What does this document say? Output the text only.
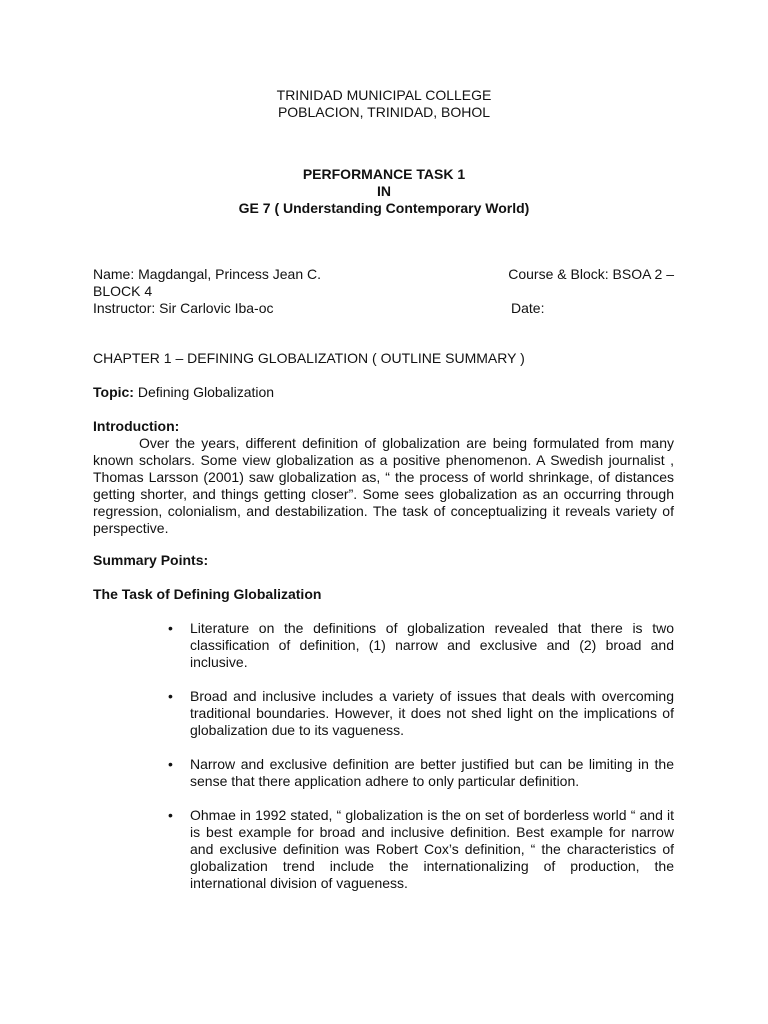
TRINIDAD MUNICIPAL COLLEGE
POBLACION, TRINIDAD, BOHOL
PERFORMANCE TASK 1
IN
GE 7 ( Understanding Contemporary World)
Name: Magdangal, Princess Jean C.	Course & Block: BSOA 2 –
BLOCK 4
Instructor: Sir Carlovic Iba-oc	Date:
CHAPTER 1 – DEFINING GLOBALIZATION ( OUTLINE SUMMARY )
Topic: Defining Globalization
Introduction:

Over the years, different definition of globalization are being formulated from many known scholars. Some view globalization as a positive phenomenon. A Swedish journalist , Thomas Larsson (2001) saw globalization as, “ the process of world shrinkage, of distances getting shorter, and things getting closer”. Some sees globalization as an occurring through regression, colonialism, and destabilization. The task of conceptualizing it reveals variety of perspective.

Summary Points:
The Task of Defining Globalization
• Literature on the definitions of globalization revealed that there is two classification of definition, (1) narrow and exclusive and (2) broad and inclusive.
• Broad and inclusive includes a variety of issues that deals with overcoming traditional boundaries. However, it does not shed light on the implications of globalization due to its vagueness.
• Narrow and exclusive definition are better justified but can be limiting in the sense that there application adhere to only particular definition.
• Ohmae in 1992 stated, “ globalization is the on set of borderless world “ and it is best example for broad and inclusive definition. Best example for narrow and exclusive definition was Robert Cox’s definition, “ the characteristics of globalization trend include the internationalizing of production, the international division of vagueness.
